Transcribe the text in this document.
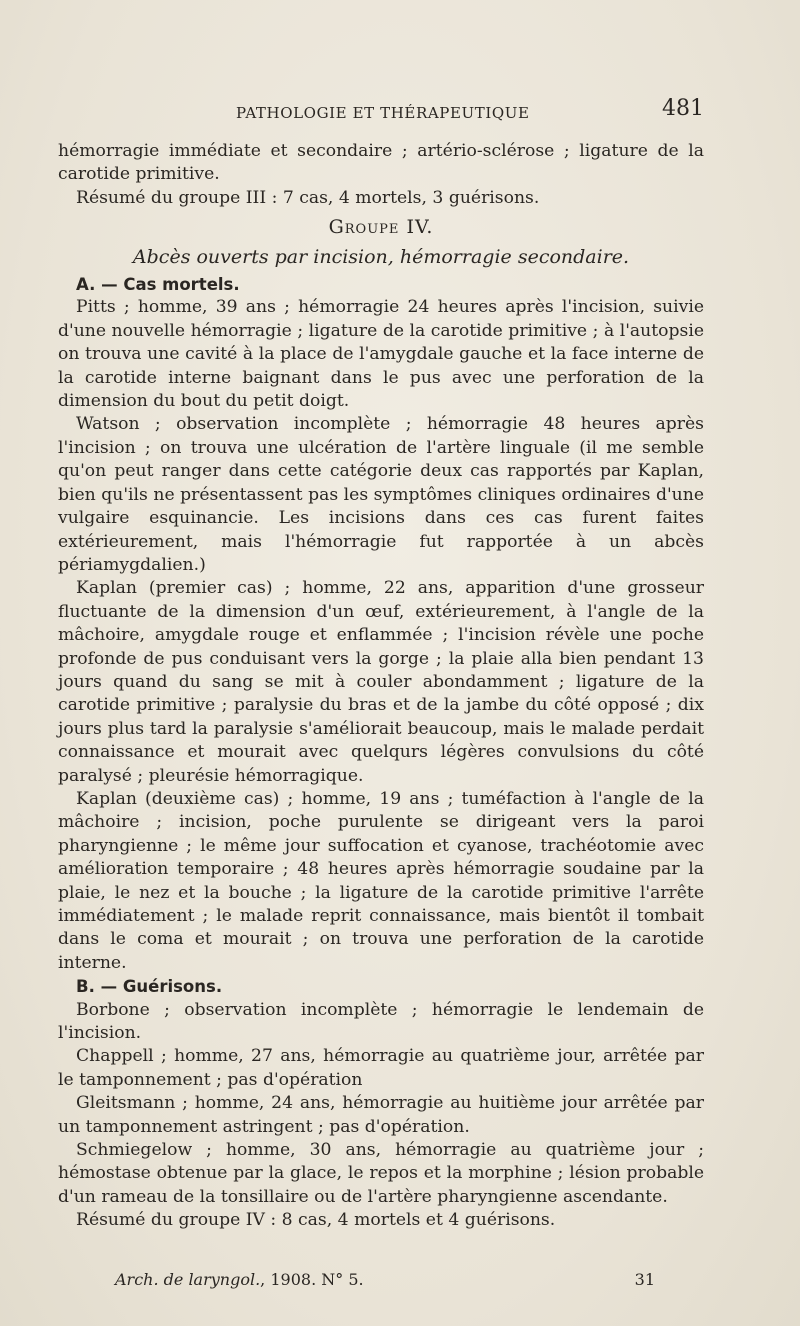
PATHOLOGIE ET THÉRAPEUTIQUE	481

hémorragie immédiate et secondaire ; artério-sclérose ; ligature de la carotide primitive.

Résumé du groupe III : 7 cas, 4 mortels, 3 guérisons.

Groupe IV.
Abcès ouverts par incision, hémorragie secondaire.

A. — Cas mortels.

Pitts ; homme, 39 ans ; hémorragie 24 heures après l'incision, suivie d'une nouvelle hémorragie ; ligature de la carotide primitive ; à l'autopsie on trouva une cavité à la place de l'amygdale gauche et la face interne de la carotide interne baignant dans le pus avec une perforation de la dimension du bout du petit doigt.

Watson ; observation incomplète ; hémorragie 48 heures après l'incision ; on trouva une ulcération de l'artère linguale (il me semble qu'on peut ranger dans cette catégorie deux cas rapportés par Kaplan, bien qu'ils ne présentassent pas les symptômes cliniques ordinaires d'une vulgaire esquinancie. Les incisions dans ces cas furent faites extérieurement, mais l'hémorragie fut rapportée à un abcès périamygdalien.)

Kaplan (premier cas) ; homme, 22 ans, apparition d'une grosseur fluctuante de la dimension d'un œuf, extérieurement, à l'angle de la mâchoire, amygdale rouge et enflammée ; l'incision révèle une poche profonde de pus conduisant vers la gorge ; la plaie alla bien pendant 13 jours quand du sang se mit à couler abondamment ; ligature de la carotide primitive ; paralysie du bras et de la jambe du côté opposé ; dix jours plus tard la paralysie s'améliorait beaucoup, mais le malade perdait connaissance et mourait avec quelqurs légères convulsions du côté paralysé ; pleurésie hémorragique.

Kaplan (deuxième cas) ; homme, 19 ans ; tuméfaction à l'angle de la mâchoire ; incision, poche purulente se dirigeant vers la paroi pharyngienne ; le même jour suffocation et cyanose, trachéotomie avec amélioration temporaire ; 48 heures après hémorragie soudaine par la plaie, le nez et la bouche ; la ligature de la carotide primitive l'arrête immédiatement ; le malade reprit connaissance, mais bientôt il tombait dans le coma et mourait ; on trouva une perforation de la carotide interne.

B. — Guérisons.

Borbone ; observation incomplète ; hémorragie le lendemain de l'incision.

Chappell ; homme, 27 ans, hémorragie au quatrième jour, arrêtée par le tamponnement ; pas d'opération

Gleitsmann ; homme, 24 ans, hémorragie au huitième jour arrêtée par un tamponnement astringent ; pas d'opération.

Schmiegelow ; homme, 30 ans, hémorragie au quatrième jour ; hémostase obtenue par la glace, le repos et la morphine ; lésion probable d'un rameau de la tonsillaire ou de l'artère pharyngienne ascendante.

Résumé du groupe IV : 8 cas, 4 mortels et 4 guérisons.

Arch. de laryngol., 1908. N° 5.	31
